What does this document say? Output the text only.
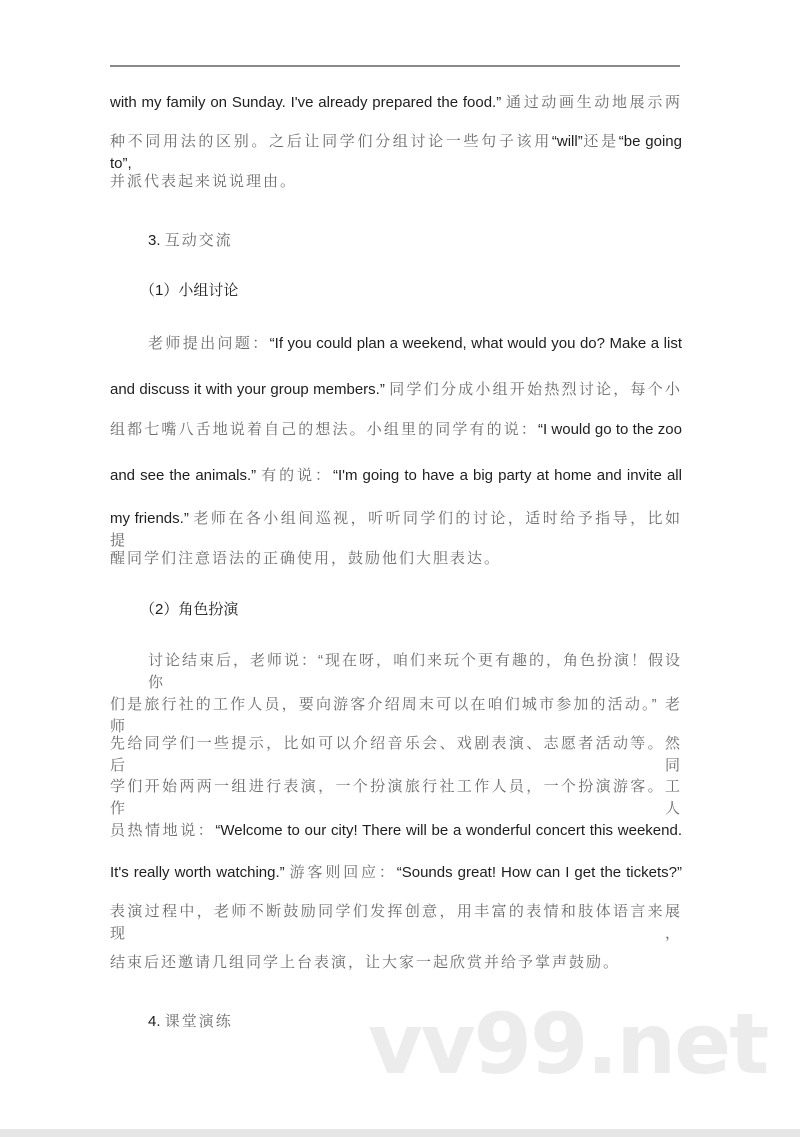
with my family on Sunday. I've already prepared the food.” 通过动画生动地展示两
种不同用法的区别。之后让同学们分组讨论一些句子该用“will”还是“be going to”,
并派代表起来说说理由。
3. 互动交流
（1）小组讨论
老师提出问题：“If you could plan a weekend, what would you do? Make a list
and discuss it with your group members.” 同学们分成小组开始热烈讨论，每个小
组都七嘴八舌地说着自己的想法。小组里的同学有的说：“I would go to the zoo
and see the animals.” 有的说：“I'm going to have a big party at home and invite all
my friends.” 老师在各小组间巡视，听听同学们的讨论，适时给予指导，比如提
醒同学们注意语法的正确使用，鼓励他们大胆表达。
（2）角色扮演
讨论结束后，老师说：“现在呀，咱们来玩个更有趣的，角色扮演！假设你
们是旅行社的工作人员，要向游客介绍周末可以在咱们城市参加的活动。” 老师
先给同学们一些提示，比如可以介绍音乐会、戏剧表演、志愿者活动等。然后同
学们开始两两一组进行表演，一个扮演旅行社工作人员，一个扮演游客。工作人
员热情地说：“Welcome to our city! There will be a wonderful concert this weekend.
It's really worth watching.” 游客则回应：“Sounds great! How can I get the tickets?”
表演过程中，老师不断鼓励同学们发挥创意，用丰富的表情和肢体语言来展现，
结束后还邀请几组同学上台表演，让大家一起欣赏并给予掌声鼓励。
4. 课堂演练	vv99.net
